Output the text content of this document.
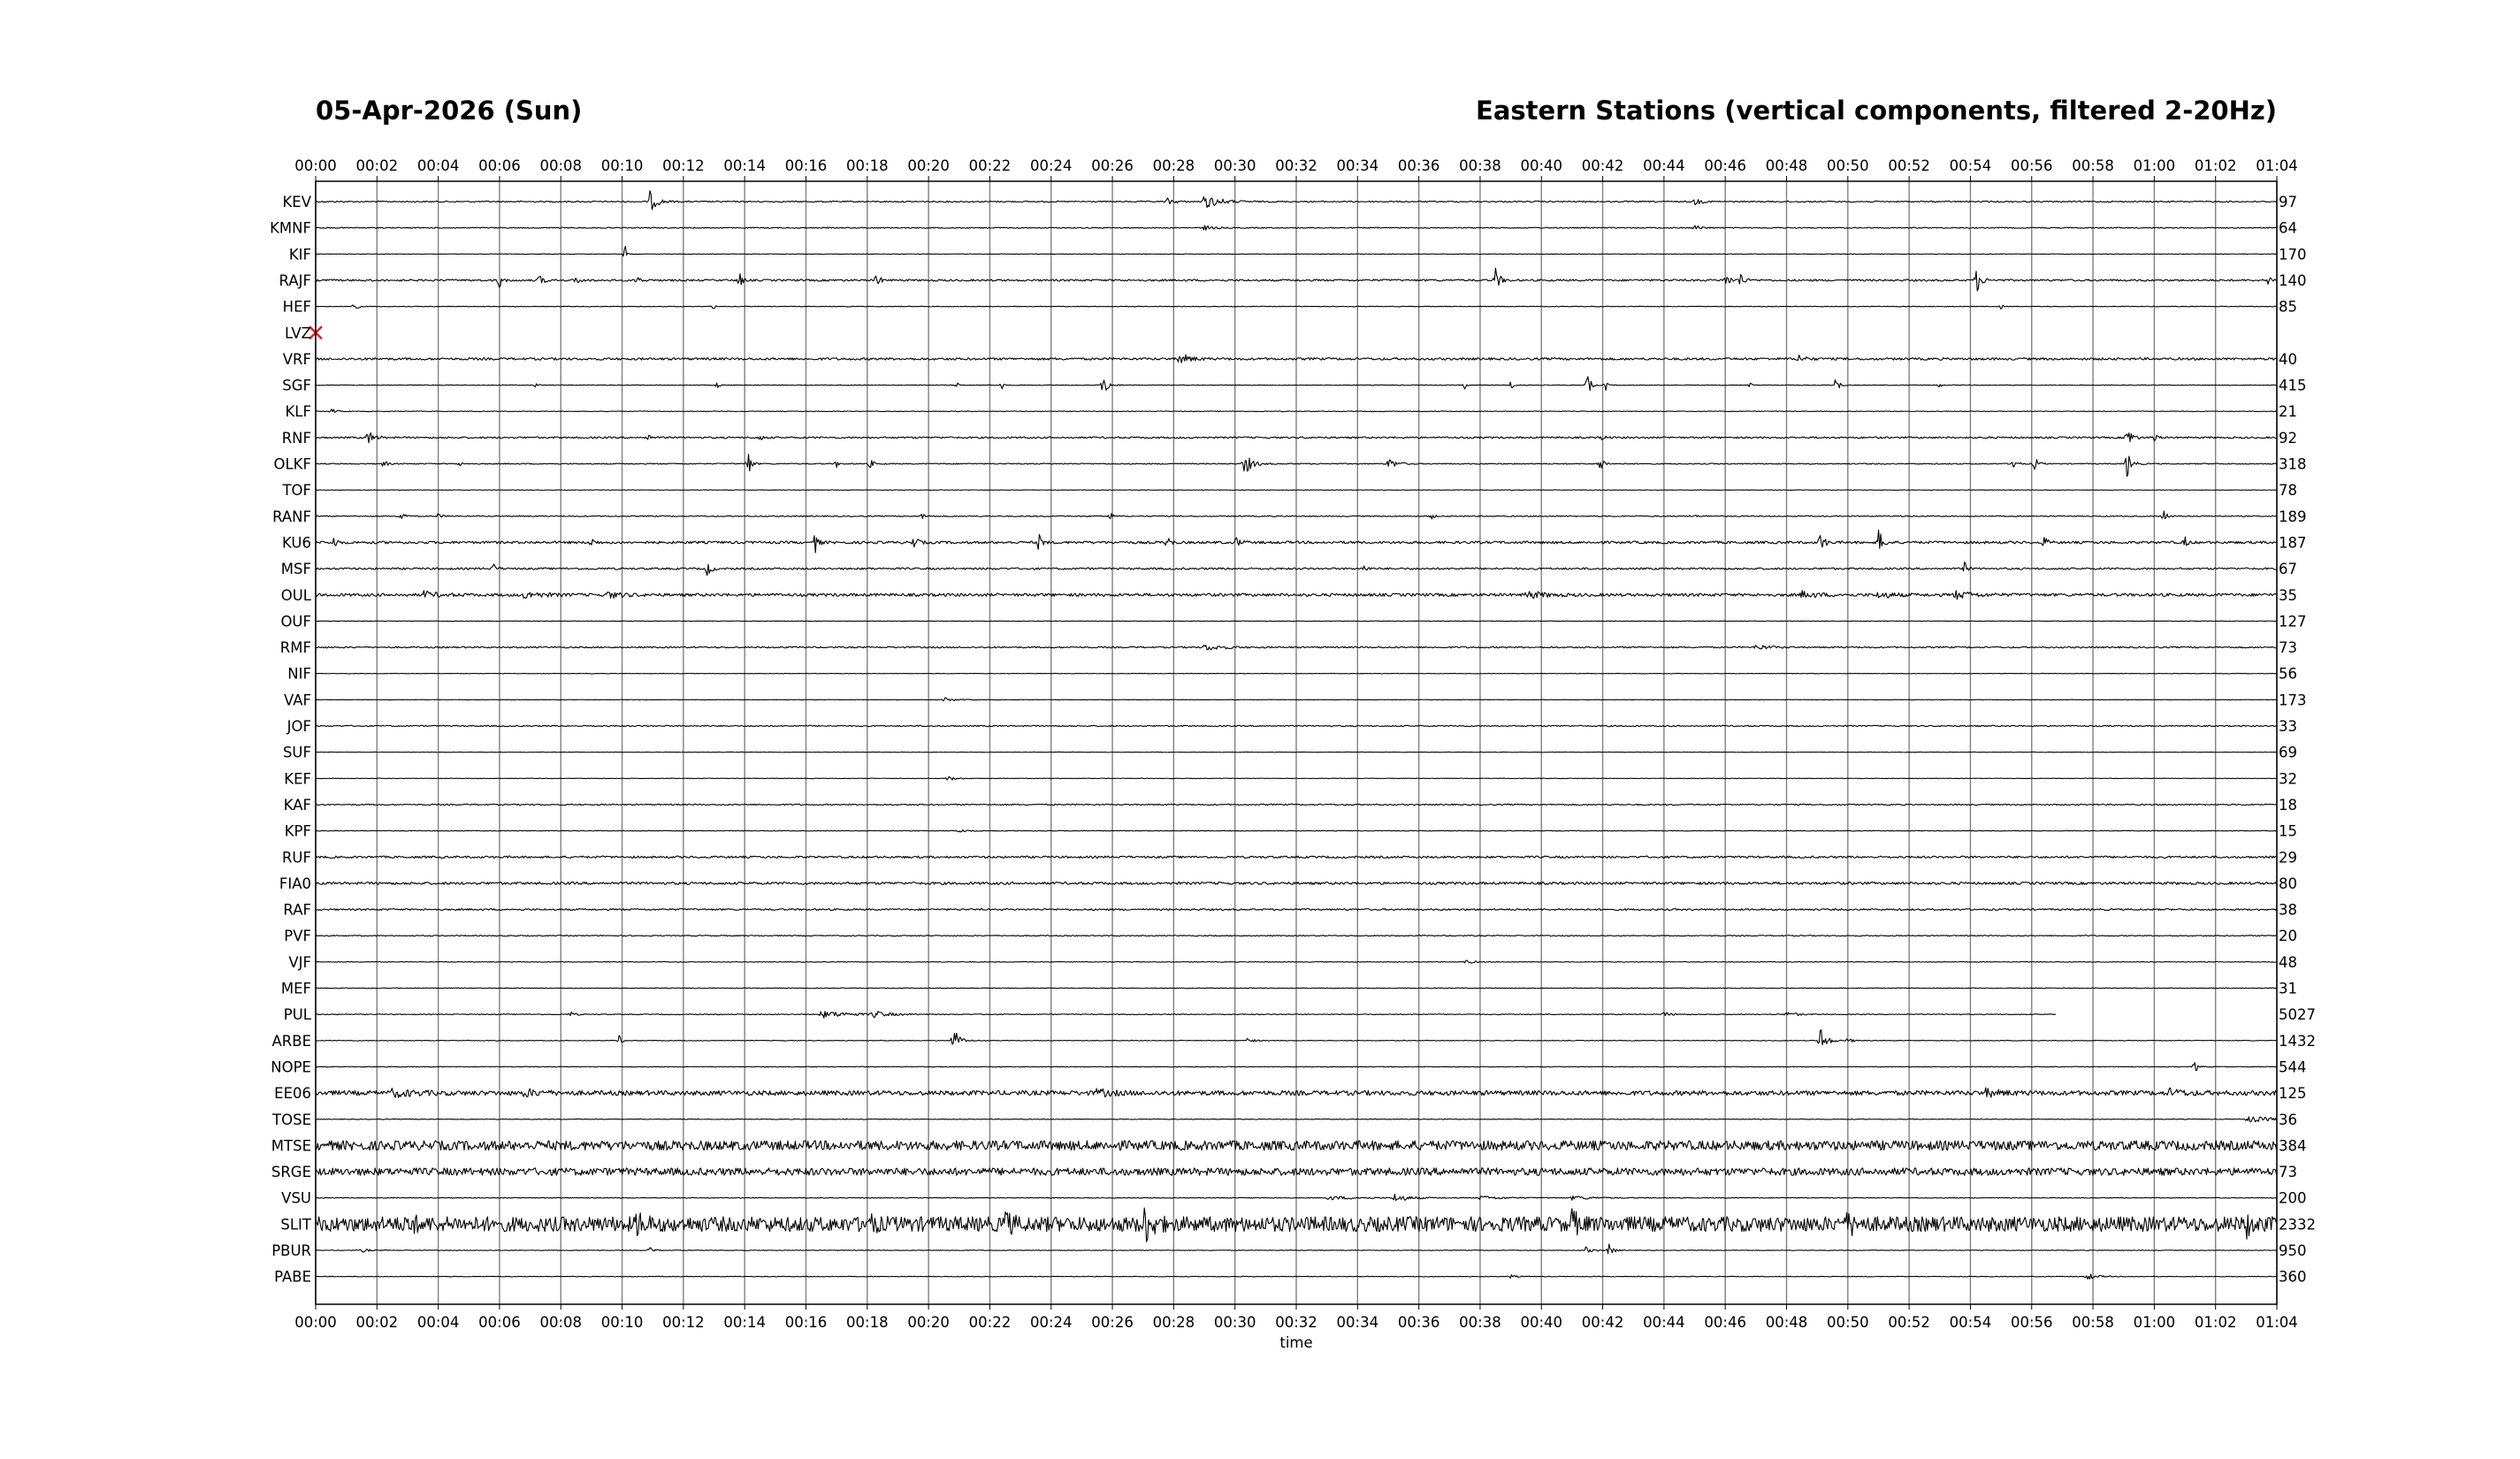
05-Apr-2026 (Sun)	Eastern Stations (vertical components, filtered 2-20Hz)
KEV	97
KMNF	64
KIF	170
RAJF	140
HEF	85
LVZ
VRF	40
SGF	415
KLF	21
RNF	92
OLKF	318
TOF	78
RANF	189
KU6	187
MSF	67
OUL	35
OUF	127
RMF	73
NIF	56
VAF	173
JOF	33
SUF	69
KEF	32
KAF	18
KPF	15
RUF	29
FIA0	80
RAF	38
PVF	20
VJF	48
MEF	31
PUL	5027
ARBE	1432
NOPE	544
EE06	125
TOSE	36
MTSE	384
SRGE	73
VSU	200
SLIT	2332
PBUR	950
PABE	360
00:00
00:00
00:02
00:02
00:04
00:04
00:06
00:06
00:08
00:08
00:10
00:10
00:12
00:12
00:14
00:14
00:16
00:16
00:18
00:18
00:20
00:20
00:22
00:22
00:24
00:24
00:26
00:26
00:28
00:28
00:30
00:30
00:32
00:32
00:34
00:34
00:36
00:36
00:38
00:38
00:40
00:40
00:42
00:42
00:44
00:44
00:46
00:46
00:48
00:48
00:50
00:50
00:52
00:52
00:54
00:54
00:56
00:56
00:58
00:58
01:00
01:00
01:02
01:02
01:04
01:04
time
